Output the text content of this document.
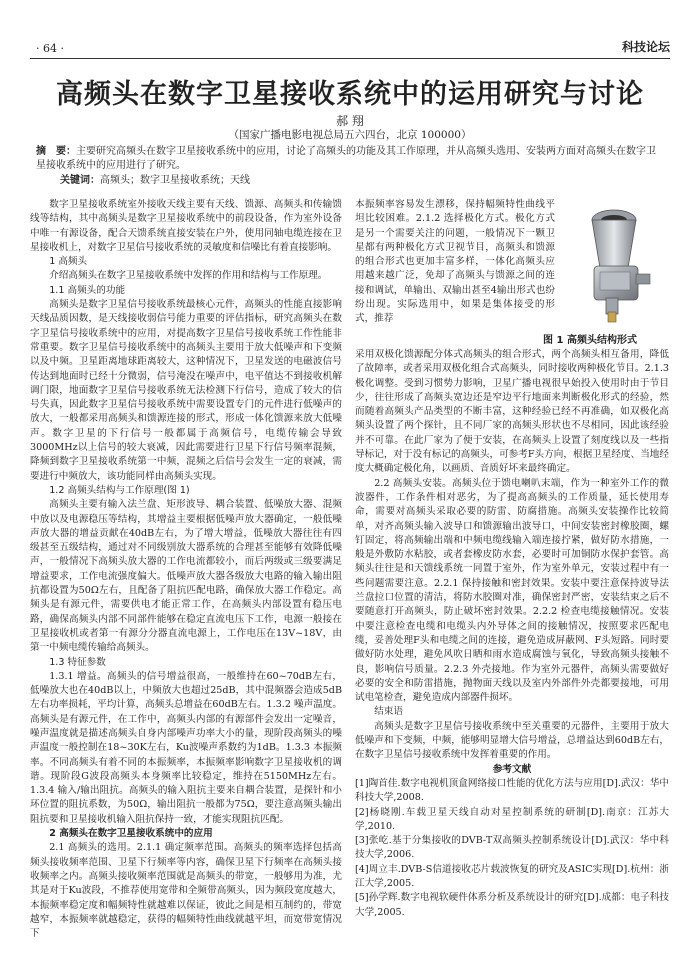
· 64 ·	科技论坛
高频头在数字卫星接收系统中的运用研究与讨论
郝 翔
（国家广播电影电视总局五六四台，北京 100000）
摘　要：主要研究高频头在数字卫星接收系统中的应用，讨论了高频头的功能及其工作原理，并从高频头选用、安装两方面对高频头在数字卫星接收系统中的应用进行了研究。
关键词：高频头；数字卫星接收系统；天线

数字卫星接收系统室外接收天线主要有天线、馈源、高频头和传输馈线等结构，其中高频头是数字卫星接收系统中的前段设备，作为室外设备中唯一有源设备，配合天馈系统直接安装在户外，使用同轴电缆连接在卫星接收机上，对数字卫星信号接收系统的灵敏度和信噪比有着直接影响。

1 高频头

介绍高频头在数字卫星接收系统中发挥的作用和结构与工作原理。

1.1 高频头的功能

高频头是数字卫星信号接收系统最核心元件，高频头的性能直接影响天线品质因数，是天线接收弱信号能力重要的评估指标，研究高频头在数字卫星信号接收系统中的应用，对提高数字卫星信号接收系统工作性能非常重要。数字卫星信号接收系统中的高频头主要用于放大低噪声和下变频以及中频。卫星距离地球距离较大，这种情况下，卫星发送的电磁波信号传达到地面时已经十分微弱，信号淹没在噪声中，电平值达不到接收机解调门限，地面数字卫星信号接收系统无法检测下行信号，造成了较大的信号失真，因此数字卫星信号接收系统中需要设置专门的元件进行低噪声的放大，一般都采用高频头和馈源连接的形式，形成一体化馈源来放大低噪声。数字卫星的下行信号一般都属于高频信号，电缆传输会导致3000MHz以上信号的较大衰减，因此需要进行卫星下行信号频率混频，降频到数字卫星接收系统第一中频，混频之后信号会发生一定的衰减，需要进行中频放大，该功能同样由高频头实现。

1.2 高频头结构与工作原理(图 1)

高频头主要有输入法兰盘、矩形波导、耦合装置、低噪放大器、混频中放以及电源稳压等结构，其增益主要根据低噪声放大器确定，一般低噪声放大器的增益贡献在40dB左右，为了增大增益，低噪放大器往往有四级甚至五级结构，通过对不同级别放大器系统的合理甚至能够有效降低噪声，一般情况下高频头放大器的工作电流都较小，而后两级或三级要满足增益要求，工作电流强度偏大。低噪声放大器各级放大电路的输入输出阻抗都设置为50Ω左右，且配备了阻抗匹配电路，确保放大器工作稳定。高频头是有源元件，需要供电才能正常工作，在高频头内部设置有稳压电路，确保高频头内部不同部件能够在稳定直流电压下工作，电源一般接在卫星接收机或者第一有源分分器直流电源上，工作电压在13V~18V，由第一中频电缆传输给高频头。

1.3 特征参数

1.3.1 增益。高频头的信号增益很高，一般维持在60~70dB左右，低噪放大也在40dB以上，中频放大也超过25dB，其中混频器会造成5dB左右功率损耗，平均计算，高频头总增益在60dB左右。1.3.2 噪声温度。高频头是有源元件，在工作中，高频头内部的有源部件会发出一定噪音，噪声温度就是描述高频头自身内部噪声功率大小的量，现阶段高频头的噪声温度一般控制在18~30K左右，Ku波噪声系数约为1dB。1.3.3 本振频率。不同高频头有着不同的本振频率，本振频率影响数字卫星接收机的调谐。现阶段G波段高频头本身频率比较稳定，维持在5150MHz左右。1.3.4 输入/输出阻抗。高频头的输入阻抗主要来自耦合装置，是探针和小环位置的阻抗系数，为50Ω，输出阻抗一般都为75Ω，要注意高频头输出阻抗要和卫星接收机输入阻抗保持一致，才能实现阻抗匹配。

2 高频头在数字卫星接收系统中的应用

2.1 高频头的选用。2.1.1 确定频率范围。高频头的频率选择包括高频头接收频率范围、卫星下行频率等内容，确保卫星下行频率在高频头接收频率之内。高频头接收频率范围就是高频头的带宽，一般够用为准，尤其是对于Ku波段，不推荐使用宽带和全频带高频头，因为频段宽度越大，本振频率稳定度和幅频特性就越难以保证，彼此之间是相互制约的，带宽越窄，本振频率就越稳定，获得的幅频特性曲线就越平坦，而宽带宽情况下

本振频率容易发生漂移，保持幅频特性曲线平坦比较困难。2.1.2 选择极化方式。极化方式是另一个需要关注的问题，一般情况下一颗卫星都有两种极化方式卫视节目，高频头和馈源的组合形式也更加丰富多样，一体化高频头应用越来越广泛，免却了高频头与馈源之间的连接和调试，单输出、双输出甚至4输出形式也纷纷出现。实际选用中，如果是集体接受的形式，推荐

图 1 高频头结构形式

采用双极化馈源配分体式高频头的组合形式，两个高频头相互备用，降低了故障率，或者采用双极化组合式高频头，同时接收两种极化节目。2.1.3 极化调整。受到习惯势力影响，卫星广播电视很早始投入使用时由于节目少，往往形成了高频头宽边还是窄边平行地面来判断极化形式的经验，然而随着高频头产品类型的不断丰富，这种经验已经不再准确，如双极化高频头设置了两个探针，且不同厂家的高频头形状也不尽相同，因此该经验并不可靠。在此厂家为了便于安装，在高频头上设置了刻度线以及一些指导标记，对于没有标记的高频头，可参考F头方向，根据卫星经度、当地经度大概确定极化角，以画质、音质好坏来最终确定。

2.2 高频头安装。高频头位于馈电喇叭末端，作为一种室外工作的微波器件，工作条件相对恶劣，为了提高高频头的工作质量，延长使用寿命，需要对高频头采取必要的防雷、防腐措施。高频头安装操作比较简单，对齐高频头输入波导口和馈源输出波导口，中间安装密封橡胶圈，螺钉固定，将高频输出端和中频电缆线输入端连接拧紧，做好防水措施，一般是外敷防水粘胶，或者套橡皮防水套，必要时可加铜防水保护套管。高频头往往是和天馈线系统一同置于室外，作为室外单元，安装过程中有一些问题需要注意。2.2.1 保持接触和密封效果。安装中要注意保持波导法兰盘拉口位置的清洁，将防水胶圈对准，确保密封严密，安装结束之后不要随意打开高频头，防止破坏密封效果。2.2.2 检查电缆接触情况。安装中要注意检查电缆和电缆头内外导体之间的接触情况，按照要求匹配电缆，妥善处理F头和电缆之间的连接，避免造成屏蔽网、F头短路。同时要做好防水处理，避免风吹日晒和雨水造成腐蚀与氧化，导致高频头接触不良，影响信号质量。2.2.3 外壳接地。作为室外元器件，高频头需要做好必要的安全和防雷措施，抛物面天线以及室内外部件外壳都要接地，可用试电笔检查，避免造成内部器件损坏。

结束语

高频头是数字卫星信号接收系统中至关重要的元器件，主要用于放大低噪声和下变频，中频，能够明显增大信号增益，总增益达到60dB左右，在数字卫星信号接收系统中发挥着重要的作用。

参考文献

[1]陶首佳.数字电视机顶盒网络接口性能的优化方法与应用[D].武汉：华中科技大学,2008.

[2]杨晓刚.车载卫星天线自动对星控制系统的研制[D].南京：江苏大学,2010.

[3]张屹.基于分集接收的DVB-T双高频头控制系统设计[D].武汉：华中科技大学,2006.

[4]周立丰.DVB-S信道接收芯片载波恢复的研究及ASIC实现[D].杭州：浙江大学,2005.

[5]孙学辉.数字电视软硬件体系分析及系统设计的研究[D].成都：电子科技大学,2005.
